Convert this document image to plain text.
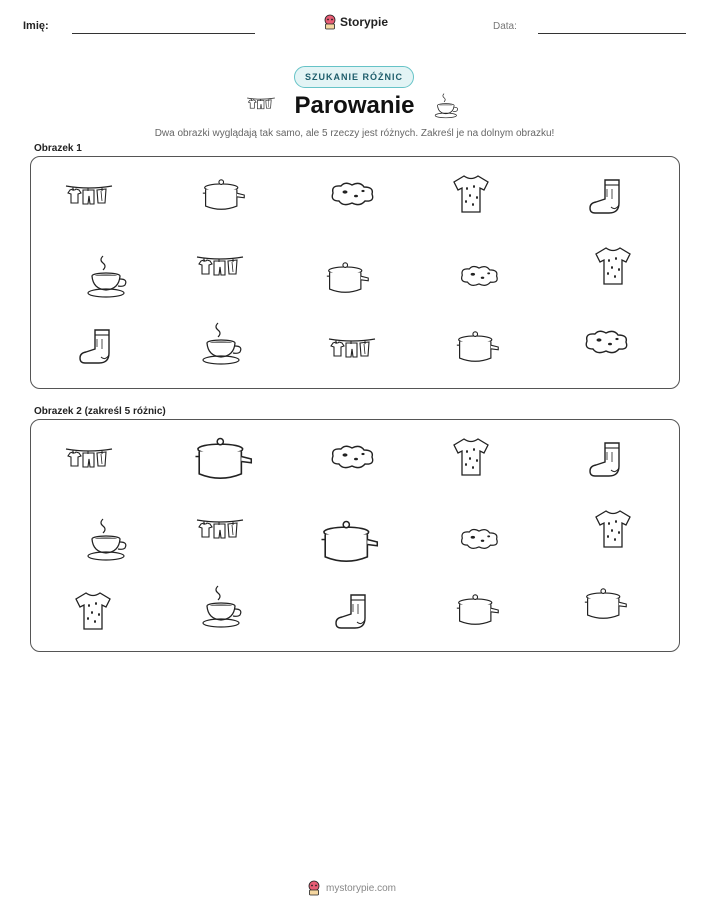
Imię:	Storypie	Data:
SZUKANIE RÓŻNIC
Parowanie
Dwa obrazki wyglądają tak samo, ale 5 rzeczy jest różnych. Zakreśl je na dolnym obrazku!
Obrazek 1
Obrazek 2 (zakreśl 5 różnic)
mystorypie.com
